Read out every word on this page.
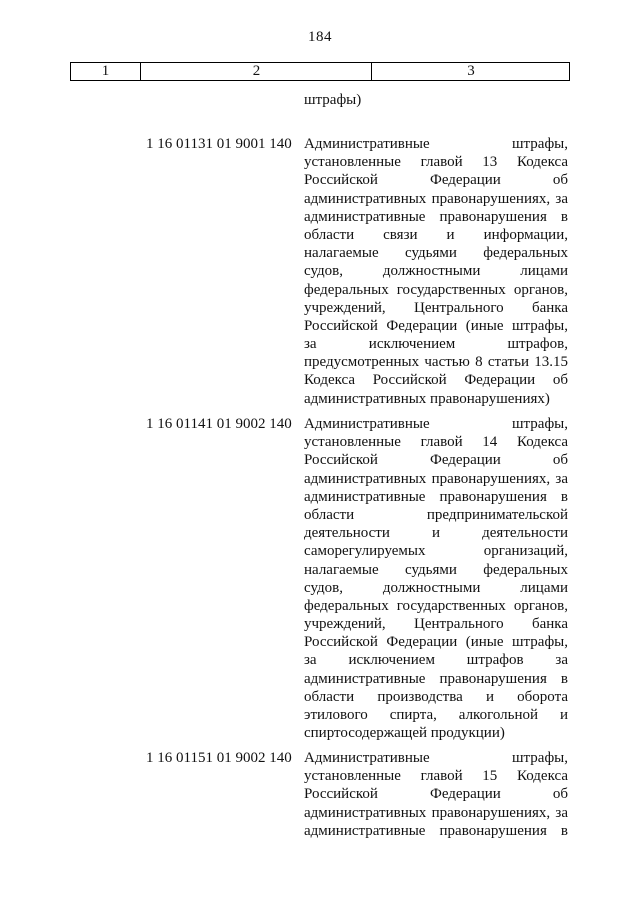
184
1	2	3
штрафы)
1 16 01131 01 9001 140 Административные штрафы,
установленные главой 13 Кодекса
Российской Федерации об
административных правонарушениях, за
административные правонарушения в
области связи и информации,
налагаемые судьями федеральных
судов, должностными лицами
федеральных государственных органов,
учреждений, Центрального банка
Российской Федерации (иные штрафы,
за исключением штрафов,
предусмотренных частью 8 статьи 13.15
Кодекса Российской Федерации об
административных правонарушениях)
1 16 01141 01 9002 140 Административные штрафы,
установленные главой 14 Кодекса
Российской Федерации об
административных правонарушениях, за
административные правонарушения в
области предпринимательской
деятельности и деятельности
саморегулируемых организаций,
налагаемые судьями федеральных
судов, должностными лицами
федеральных государственных органов,
учреждений, Центрального банка
Российской Федерации (иные штрафы,
за исключением штрафов за
административные правонарушения в
области производства и оборота
этилового спирта, алкогольной и
спиртосодержащей продукции)
1 16 01151 01 9002 140 Административные штрафы,
установленные главой 15 Кодекса
Российской Федерации об
административных правонарушениях, за
административные правонарушения в
